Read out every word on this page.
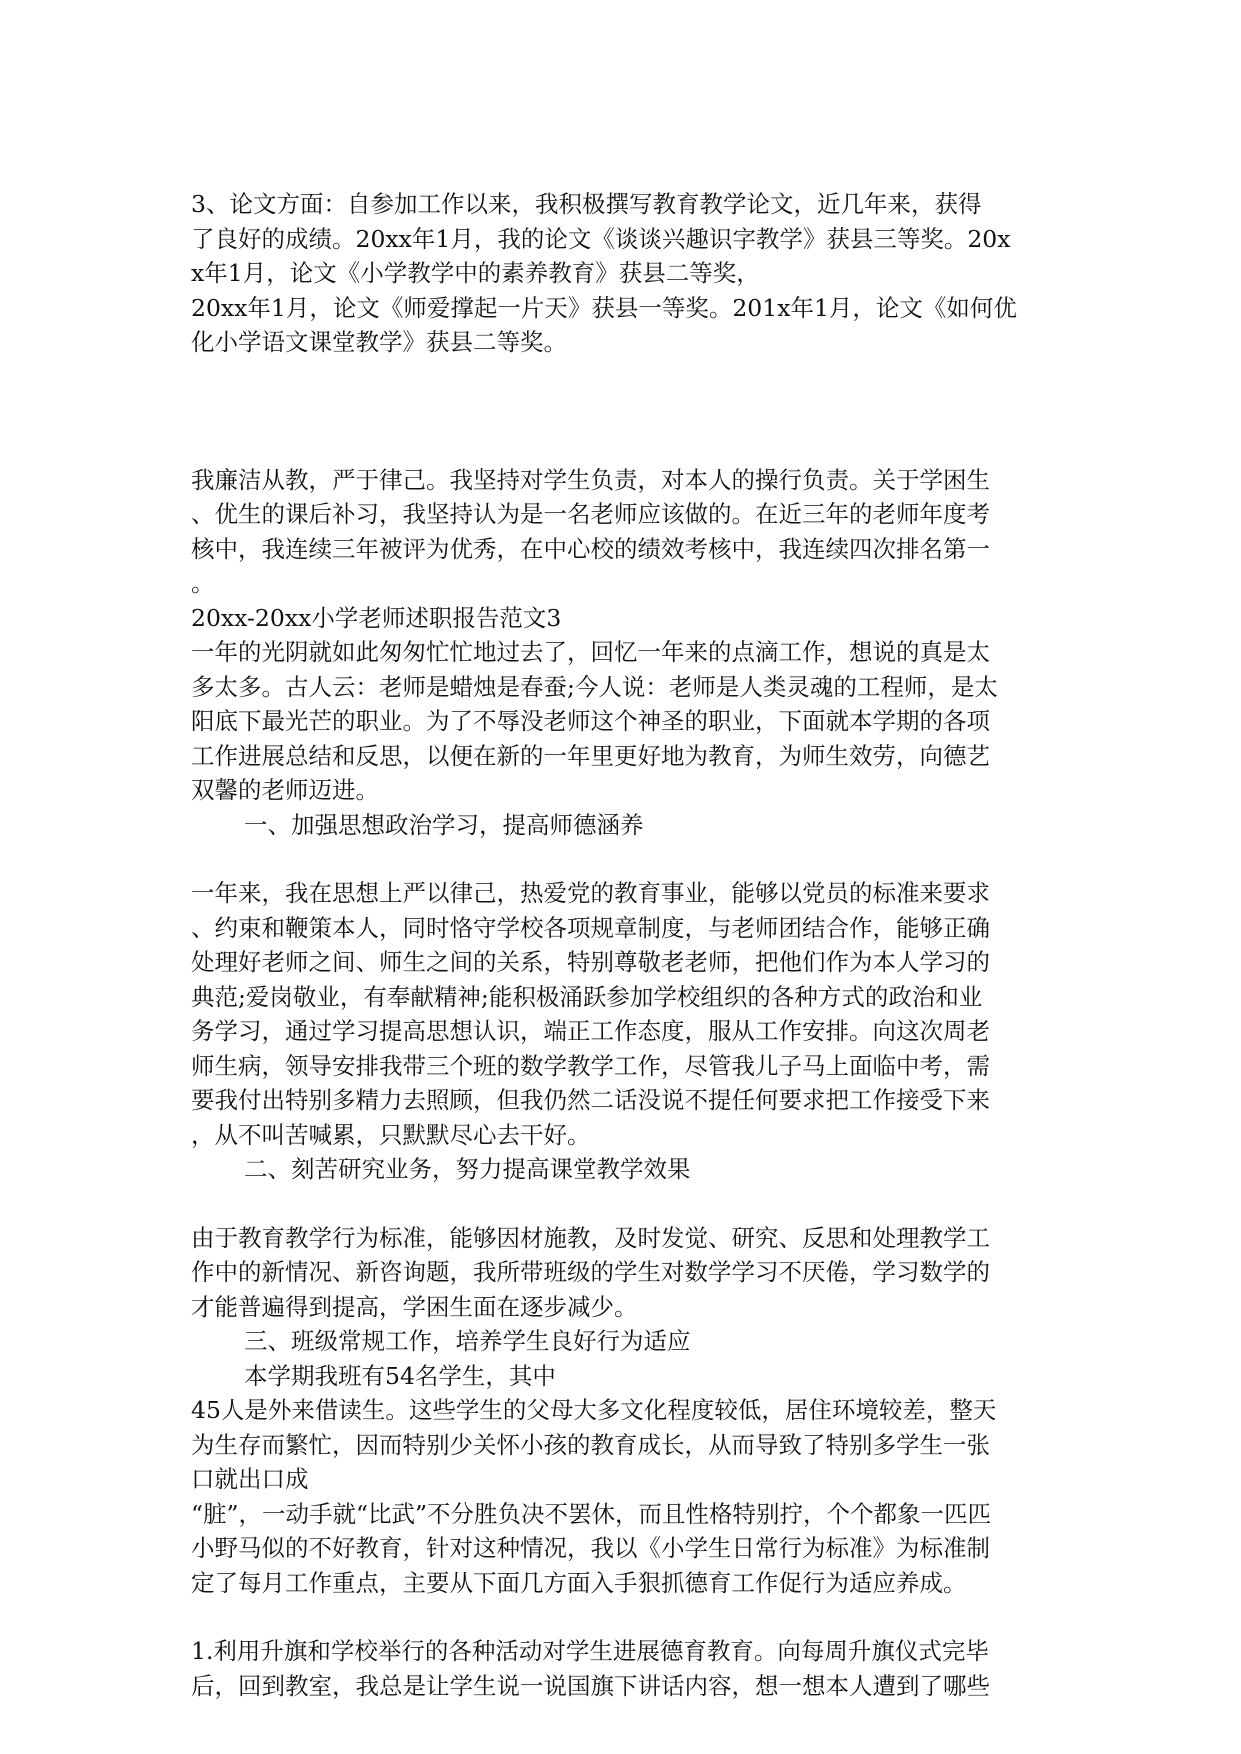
3、论文方面：自参加工作以来，我积极撰写教育教学论文，近几年来，获得
了良好的成绩。20xx年1月，我的论文《谈谈兴趣识字教学》获县三等奖。20x
x年1月，论文《小学教学中的素养教育》获县二等奖，
20xx年1月，论文《师爱撑起一片天》获县一等奖。201x年1月，论文《如何优
化小学语文课堂教学》获县二等奖。
我廉洁从教，严于律己。我坚持对学生负责，对本人的操行负责。关于学困生
、优生的课后补习，我坚持认为是一名老师应该做的。在近三年的老师年度考
核中，我连续三年被评为优秀，在中心校的绩效考核中，我连续四次排名第一
。
20xx-20xx小学老师述职报告范文3
一年的光阴就如此匆匆忙忙地过去了，回忆一年来的点滴工作，想说的真是太
多太多。古人云：老师是蜡烛是春蚕;今人说：老师是人类灵魂的工程师，是太
阳底下最光芒的职业。为了不辱没老师这个神圣的职业，下面就本学期的各项
工作进展总结和反思，以便在新的一年里更好地为教育，为师生效劳，向德艺
双馨的老师迈进。
一、加强思想政治学习，提高师德涵养
一年来，我在思想上严以律己，热爱党的教育事业，能够以党员的标准来要求
、约束和鞭策本人，同时恪守学校各项规章制度，与老师团结合作，能够正确
处理好老师之间、师生之间的关系，特别尊敬老老师，把他们作为本人学习的
典范;爱岗敬业，有奉献精神;能积极涌跃参加学校组织的各种方式的政治和业
务学习，通过学习提高思想认识，端正工作态度，服从工作安排。向这次周老
师生病，领导安排我带三个班的数学教学工作，尽管我儿子马上面临中考，需
要我付出特别多精力去照顾，但我仍然二话没说不提任何要求把工作接受下来
，从不叫苦喊累，只默默尽心去干好。
二、刻苦研究业务，努力提高课堂教学效果
由于教育教学行为标准，能够因材施教，及时发觉、研究、反思和处理教学工
作中的新情况、新咨询题，我所带班级的学生对数学学习不厌倦，学习数学的
才能普遍得到提高，学困生面在逐步减少。
三、班级常规工作，培养学生良好行为适应
本学期我班有54名学生，其中
45人是外来借读生。这些学生的父母大多文化程度较低，居住环境较差，整天
为生存而繁忙，因而特别少关怀小孩的教育成长，从而导致了特别多学生一张
口就出口成
“脏”，一动手就“比武”不分胜负决不罢休，而且性格特别拧，个个都象一匹匹
小野马似的不好教育，针对这种情况，我以《小学生日常行为标准》为标准制
定了每月工作重点，主要从下面几方面入手狠抓德育工作促行为适应养成。
1.利用升旗和学校举行的各种活动对学生进展德育教育。向每周升旗仪式完毕
后，回到教室，我总是让学生说一说国旗下讲话内容，想一想本人遭到了哪些
